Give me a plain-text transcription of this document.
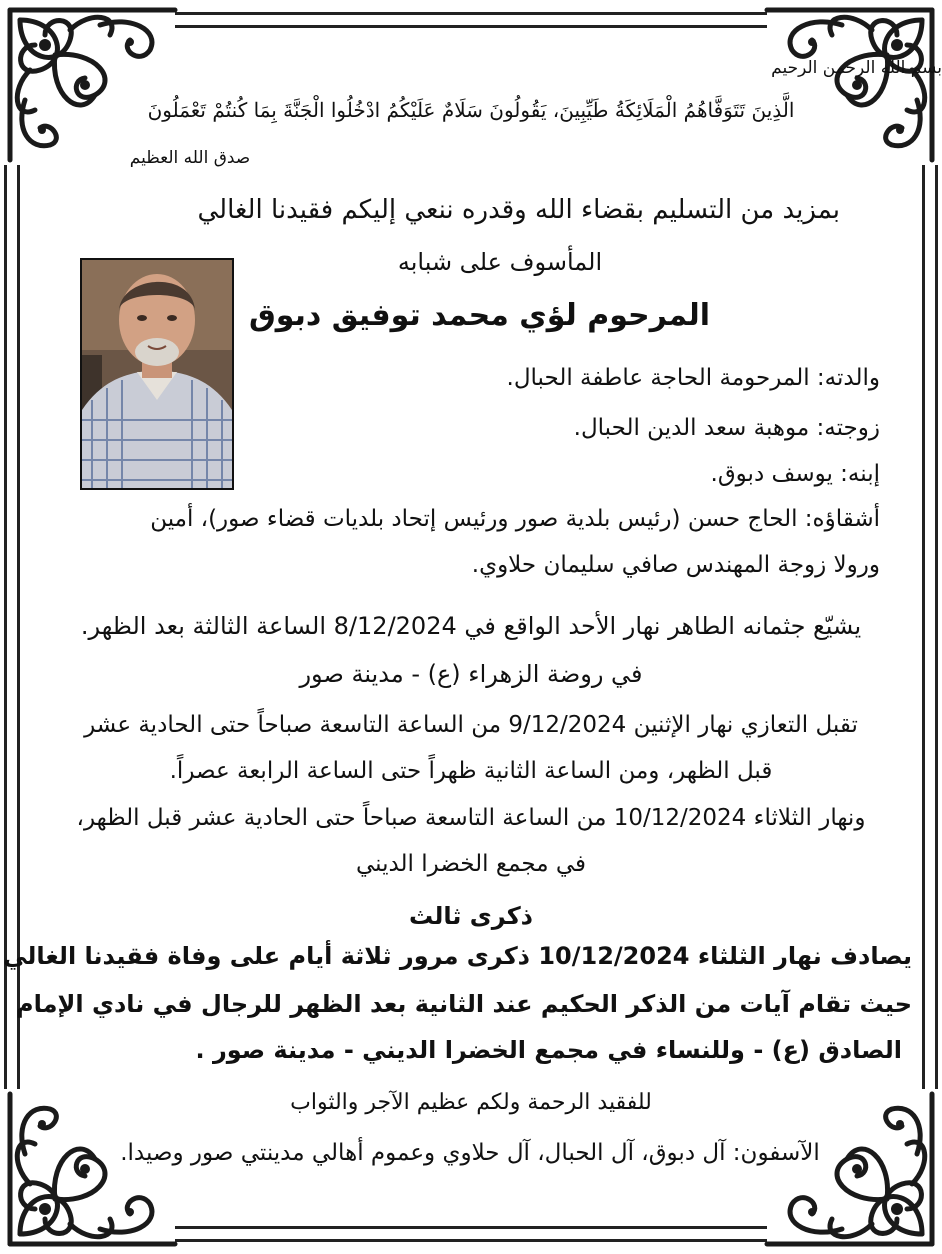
بسم الله الرحمن الرحيم
الَّذِينَ تَتَوَفَّاهُمُ الْمَلَائِكَةُ طَيِّبِينَ، يَقُولُونَ سَلَامٌ عَلَيْكُمُ ادْخُلُوا الْجَنَّةَ بِمَا كُنتُمْ تَعْمَلُونَ
صدق الله العظيم
بمزيد من التسليم بقضاء الله وقدره ننعي إليكم فقيدنا الغالي
المأسوف على شبابه
المرحوم لؤي محمد توفيق دبوق
والدته: المرحومة الحاجة عاطفة الحبال.
زوجته: موهبة سعد الدين الحبال.
إبنه: يوسف دبوق.
أشقاؤه: الحاج حسن (رئيس بلدية صور ورئيس إتحاد بلديات قضاء صور)، أمين
ورولا زوجة المهندس صافي سليمان حلاوي.
يشيّع جثمانه الطاهر نهار الأحد الواقع في 8/12/2024 الساعة الثالثة بعد الظهر.
في روضة الزهراء (ع) - مدينة صور
تقبل التعازي نهار الإثنين 9/12/2024 من الساعة التاسعة صباحاً حتى الحادية عشر
قبل الظهر، ومن الساعة الثانية ظهراً حتى الساعة الرابعة عصراً.
ونهار الثلاثاء 10/12/2024 من الساعة التاسعة صباحاً حتى الحادية عشر قبل الظهر،
في مجمع الخضرا الديني
ذكرى ثالث
يصادف نهار الثلثاء 10/12/2024 ذكرى مرور ثلاثة أيام على وفاة فقيدنا الغالي
حيث تقام آيات من الذكر الحكيم عند الثانية بعد الظهر للرجال في نادي الإمام
الصادق (ع) - وللنساء في مجمع الخضرا الديني - مدينة صور .
للفقيد الرحمة ولكم عظيم الآجر والثواب
الآسفون: آل دبوق، آل الحبال، آل حلاوي وعموم أهالي مدينتي صور وصيدا.
